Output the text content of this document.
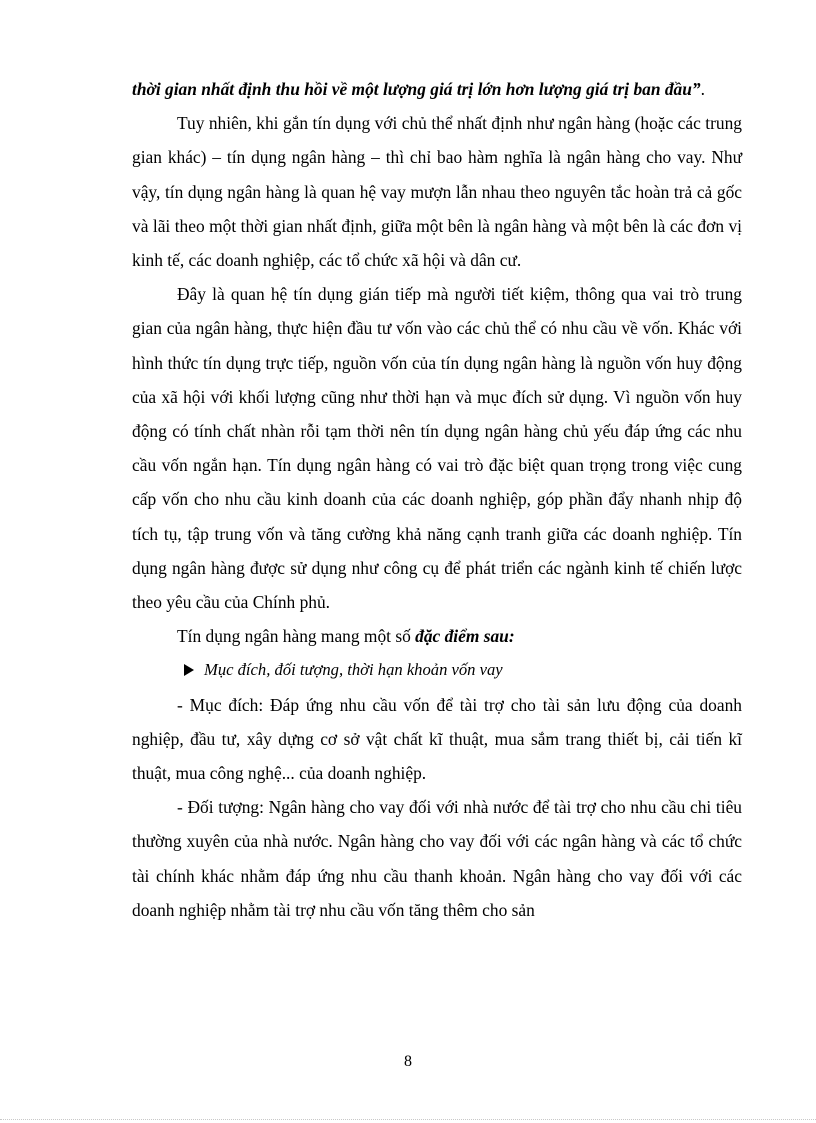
thời gian nhất định thu hồi về một lượng giá trị lớn hơn lượng giá trị ban đầu”.

Tuy nhiên, khi gắn tín dụng với chủ thể nhất định như ngân hàng (hoặc các trung gian khác) – tín dụng ngân hàng – thì chỉ bao hàm nghĩa là ngân hàng cho vay. Như vậy, tín dụng ngân hàng là quan hệ vay mượn lẫn nhau theo nguyên tắc hoàn trả cả gốc và lãi theo một thời gian nhất định, giữa một bên là ngân hàng và một bên là các đơn vị kinh tế, các doanh nghiệp, các tổ chức xã hội và dân cư.

Đây là quan hệ tín dụng gián tiếp mà người tiết kiệm, thông qua vai trò trung gian của ngân hàng, thực hiện đầu tư vốn vào các chủ thể có nhu cầu về vốn. Khác với hình thức tín dụng trực tiếp, nguồn vốn của tín dụng ngân hàng là nguồn vốn huy động của xã hội với khối lượng cũng như thời hạn và mục đích sử dụng. Vì nguồn vốn huy động có tính chất nhàn rỗi tạm thời nên tín dụng ngân hàng chủ yếu đáp ứng các nhu cầu vốn ngắn hạn. Tín dụng ngân hàng có vai trò đặc biệt quan trọng trong việc cung cấp vốn cho nhu cầu kinh doanh của các doanh nghiệp, góp phần đẩy nhanh nhịp độ tích tụ, tập trung vốn và tăng cường khả năng cạnh tranh giữa các doanh nghiệp. Tín dụng ngân hàng được sử dụng như công cụ để phát triển các ngành kinh tế chiến lược theo yêu cầu của Chính phủ.

Tín dụng ngân hàng mang một số đặc điểm sau:

Mục đích, đối tượng, thời hạn khoản vốn vay

- Mục đích: Đáp ứng nhu cầu vốn để tài trợ cho tài sản lưu động của doanh nghiệp, đầu tư, xây dựng cơ sở vật chất kĩ thuật, mua sắm trang thiết bị, cải tiến kĩ thuật, mua công nghệ... của doanh nghiệp.

- Đối tượng: Ngân hàng cho vay đối với nhà nước để tài trợ cho nhu cầu chi tiêu thường xuyên của nhà nước. Ngân hàng cho vay đối với các ngân hàng và các tổ chức tài chính khác nhằm đáp ứng nhu cầu thanh khoản. Ngân hàng cho vay đối với các doanh nghiệp nhằm tài trợ nhu cầu vốn tăng thêm cho sản

8
